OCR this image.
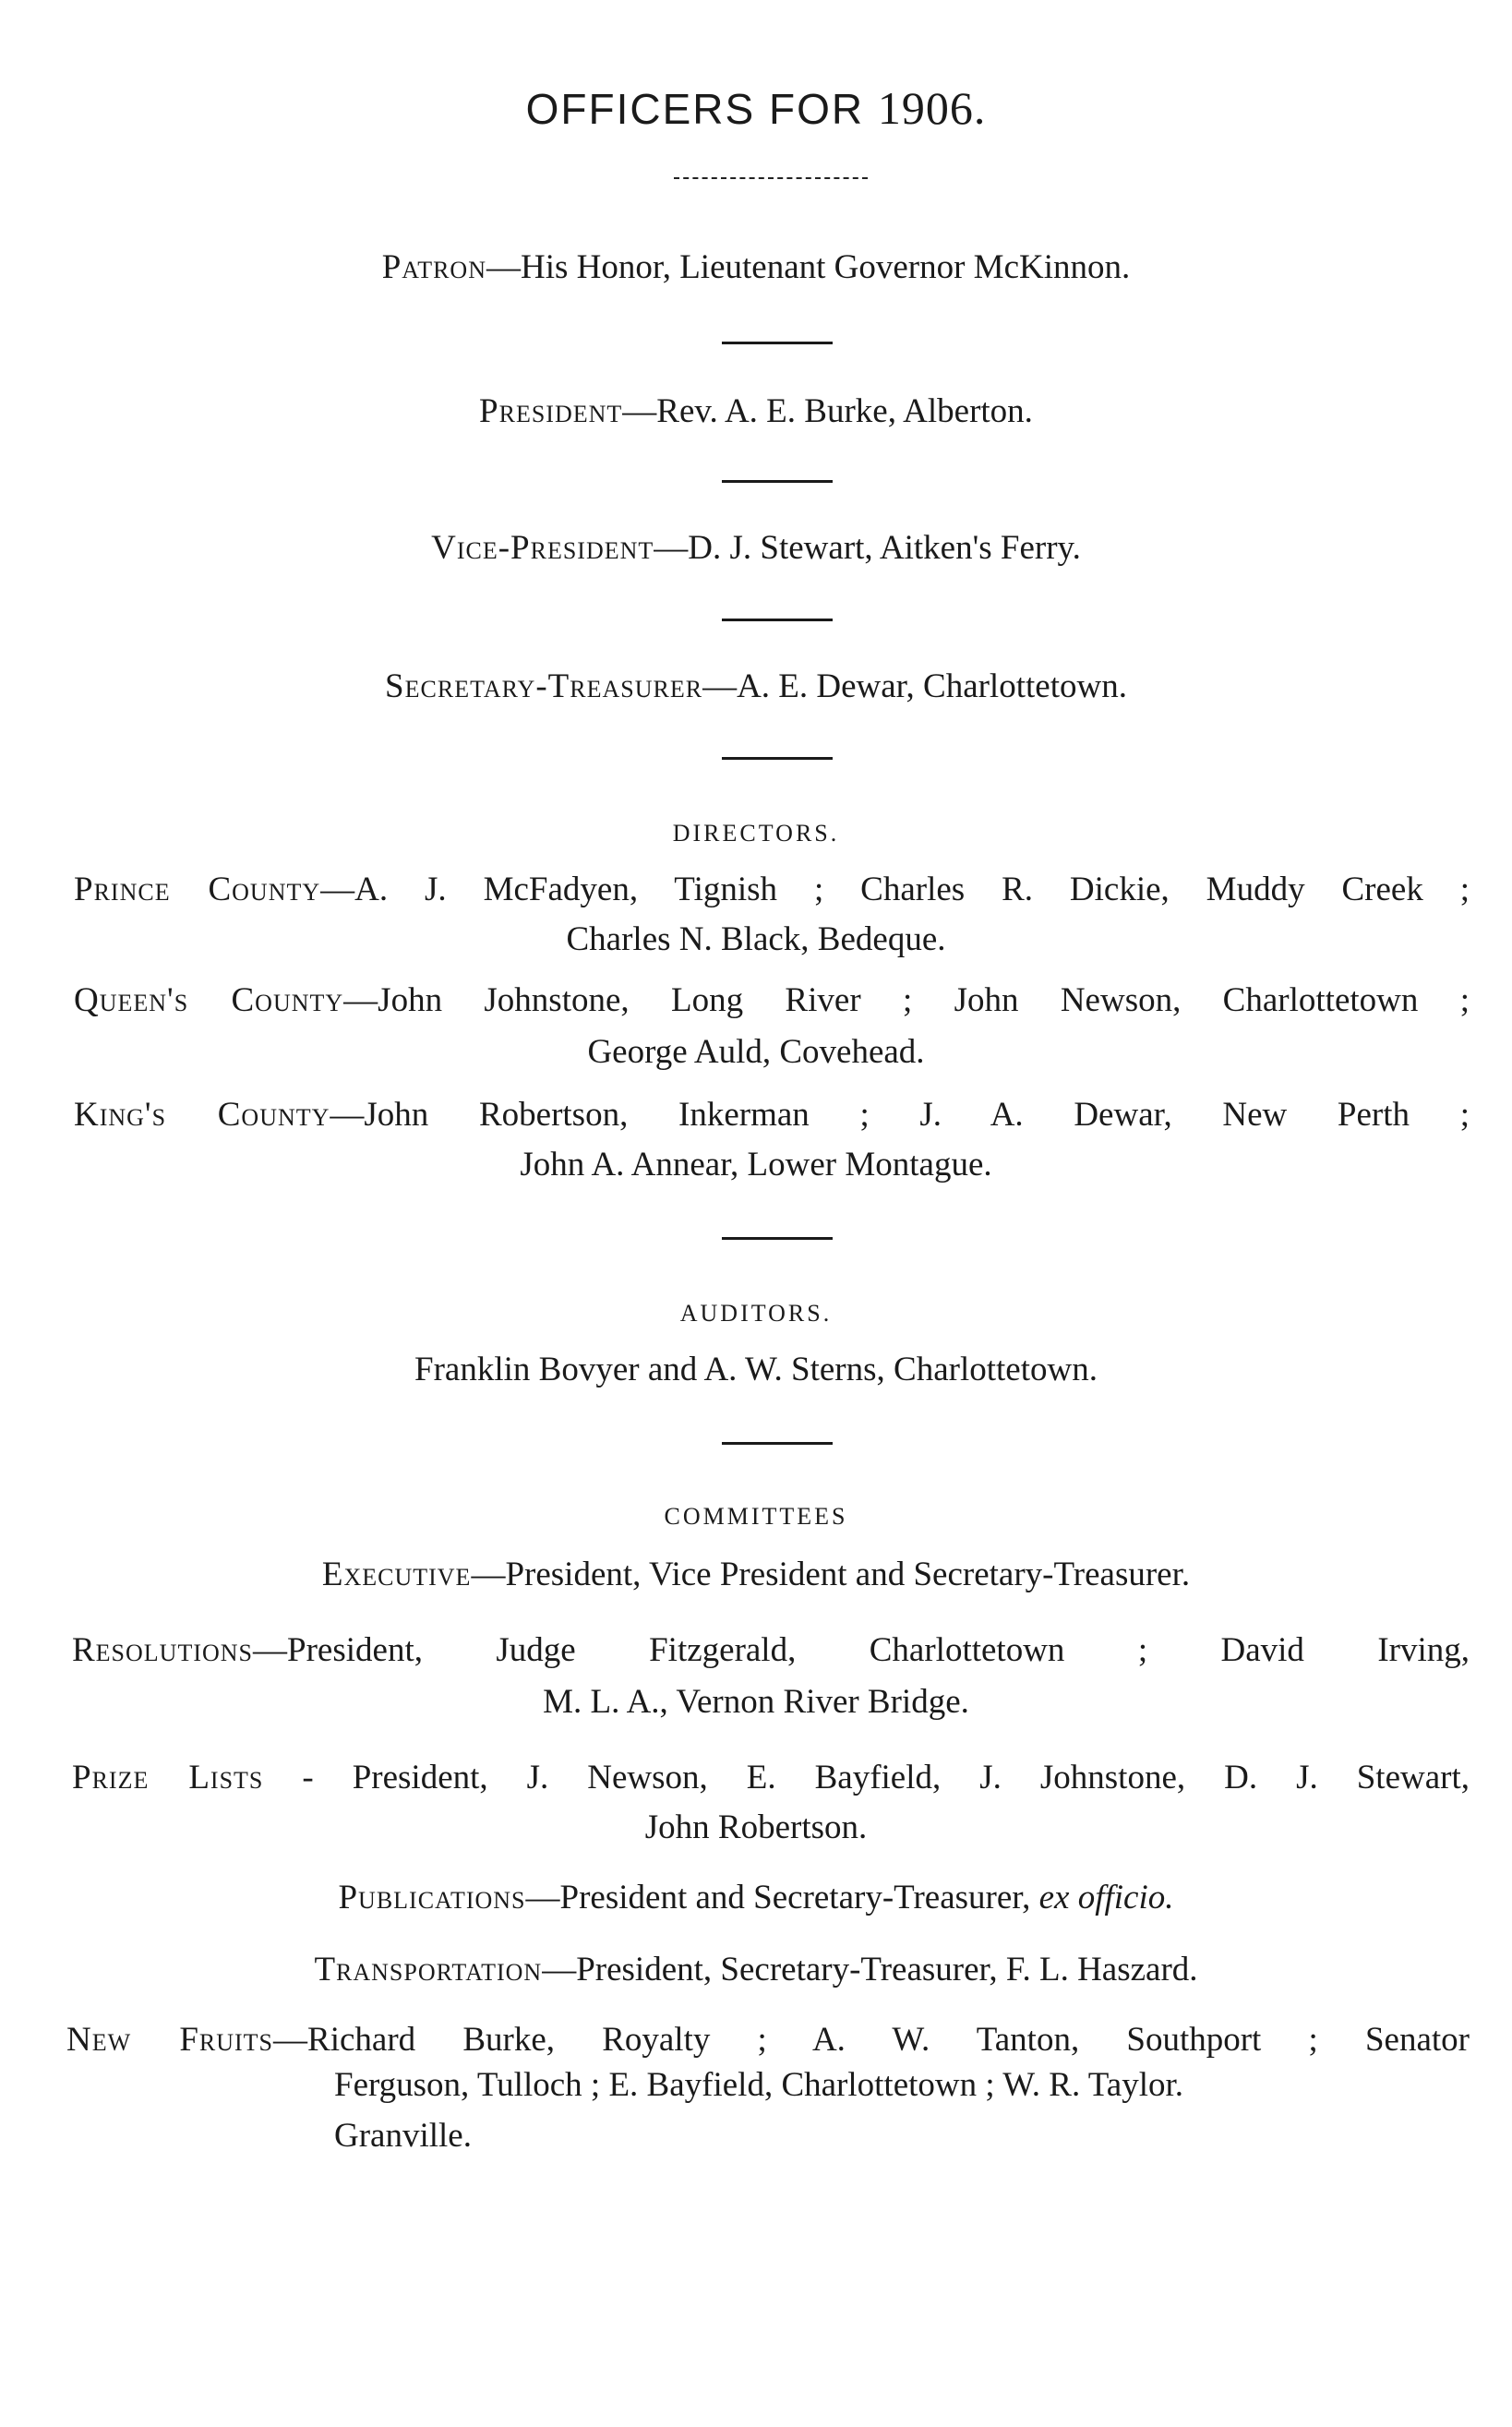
OFFICERS FOR 1906.
Patron—His Honor, Lieutenant Governor McKinnon.
President—Rev. A. E. Burke, Alberton.
Vice-President—D. J. Stewart, Aitken's Ferry.
Secretary-Treasurer—A. E. Dewar, Charlottetown.
DIRECTORS.
Prince County—A. J. McFadyen, Tignish ; Charles R. Dickie, Muddy Creek ;
Charles N. Black, Bedeque.
Queen's County—John Johnstone, Long River ; John Newson, Charlottetown ;
George Auld, Covehead.
King's County—John Robertson, Inkerman ; J. A. Dewar, New Perth ;
John A. Annear, Lower Montague.
AUDITORS.
Franklin Bovyer and A. W. Sterns, Charlottetown.
COMMITTEES
Executive—President, Vice President and Secretary-Treasurer.
Resolutions—President, Judge Fitzgerald, Charlottetown ; David Irving,
M. L. A., Vernon River Bridge.
Prize Lists - President, J. Newson, E. Bayfield, J. Johnstone, D. J. Stewart,
John Robertson.
Publications—President and Secretary-Treasurer, ex officio.
Transportation—President, Secretary-Treasurer, F. L. Haszard.
New Fruits—Richard Burke, Royalty ; A. W. Tanton, Southport ; Senator
Ferguson, Tulloch ; E. Bayfield, Charlottetown ; W. R. Taylor.
Granville.
